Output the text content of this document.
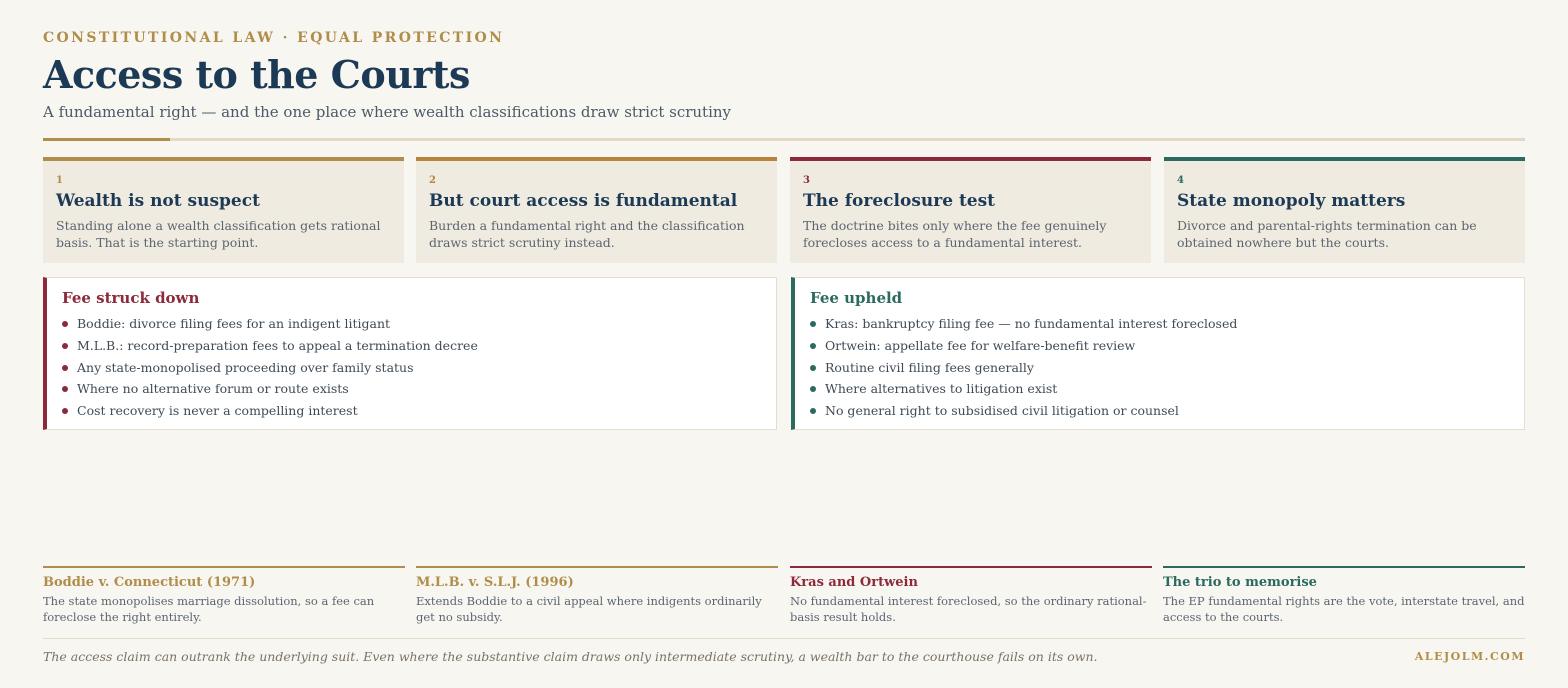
CONSTITUTIONAL LAW · EQUAL PROTECTION
Access to the Courts
A fundamental right — and the one place where wealth classifications draw strict scrutiny
1
Wealth is not suspect
Standing alone a wealth classification gets rational basis. That is the starting point.
2
But court access is fundamental
Burden a fundamental right and the classification draws strict scrutiny instead.
3
The foreclosure test
The doctrine bites only where the fee genuinely forecloses access to a fundamental interest.
4
State monopoly matters
Divorce and parental-rights termination can be obtained nowhere but the courts.
Fee struck down
Boddie: divorce filing fees for an indigent litigant
M.L.B.: record-preparation fees to appeal a termination decree
Any state-monopolised proceeding over family status
Where no alternative forum or route exists
Cost recovery is never a compelling interest
Fee upheld
Kras: bankruptcy filing fee — no fundamental interest foreclosed
Ortwein: appellate fee for welfare-benefit review
Routine civil filing fees generally
Where alternatives to litigation exist
No general right to subsidised civil litigation or counsel
Boddie v. Connecticut (1971)
The state monopolises marriage dissolution, so a fee can foreclose the right entirely.
M.L.B. v. S.L.J. (1996)
Extends Boddie to a civil appeal where indigents ordinarily get no subsidy.
Kras and Ortwein
No fundamental interest foreclosed, so the ordinary rational-basis result holds.
The trio to memorise
The EP fundamental rights are the vote, interstate travel, and access to the courts.
The access claim can outrank the underlying suit. Even where the substantive claim draws only intermediate scrutiny, a wealth bar to the courthouse fails on its own.	ALEJOLM.COM
